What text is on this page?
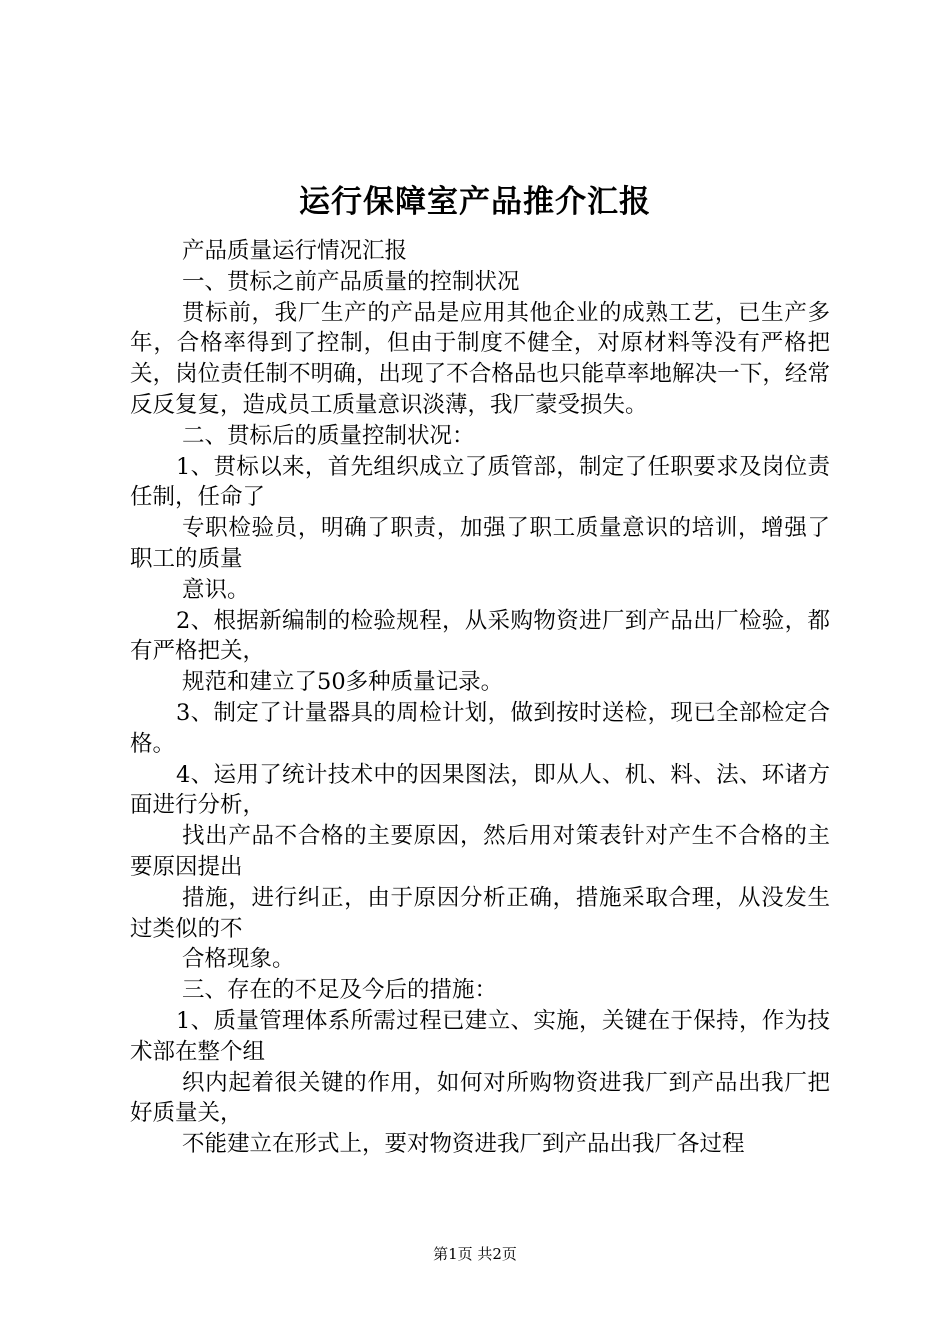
运行保障室产品推介汇报

产品质量运行情况汇报

一、贯标之前产品质量的控制状况

贯标前，我厂生产的产品是应用其他企业的成熟工艺，已生产多年，合格率得到了控制，但由于制度不健全，对原材料等没有严格把关，岗位责任制不明确，出现了不合格品也只能草率地解决一下，经常反反复复，造成员工质量意识淡薄，我厂蒙受损失。

二、贯标后的质量控制状况：

1、贯标以来，首先组织成立了质管部，制定了任职要求及岗位责任制，任命了

专职检验员，明确了职责，加强了职工质量意识的培训，增强了职工的质量

意识。

2、根据新编制的检验规程，从采购物资进厂到产品出厂检验，都有严格把关，

规范和建立了50多种质量记录。

3、制定了计量器具的周检计划，做到按时送检，现已全部检定合格。

4、运用了统计技术中的因果图法，即从人、机、料、法、环诸方面进行分析，

找出产品不合格的主要原因，然后用对策表针对产生不合格的主要原因提出

措施，进行纠正，由于原因分析正确，措施采取合理，从没发生过类似的不

合格现象。

三、存在的不足及今后的措施：

1、质量管理体系所需过程已建立、实施，关键在于保持，作为技术部在整个组

织内起着很关键的作用，如何对所购物资进我厂到产品出我厂把好质量关，

不能建立在形式上，要对物资进我厂到产品出我厂各过程

第1页 共2页
